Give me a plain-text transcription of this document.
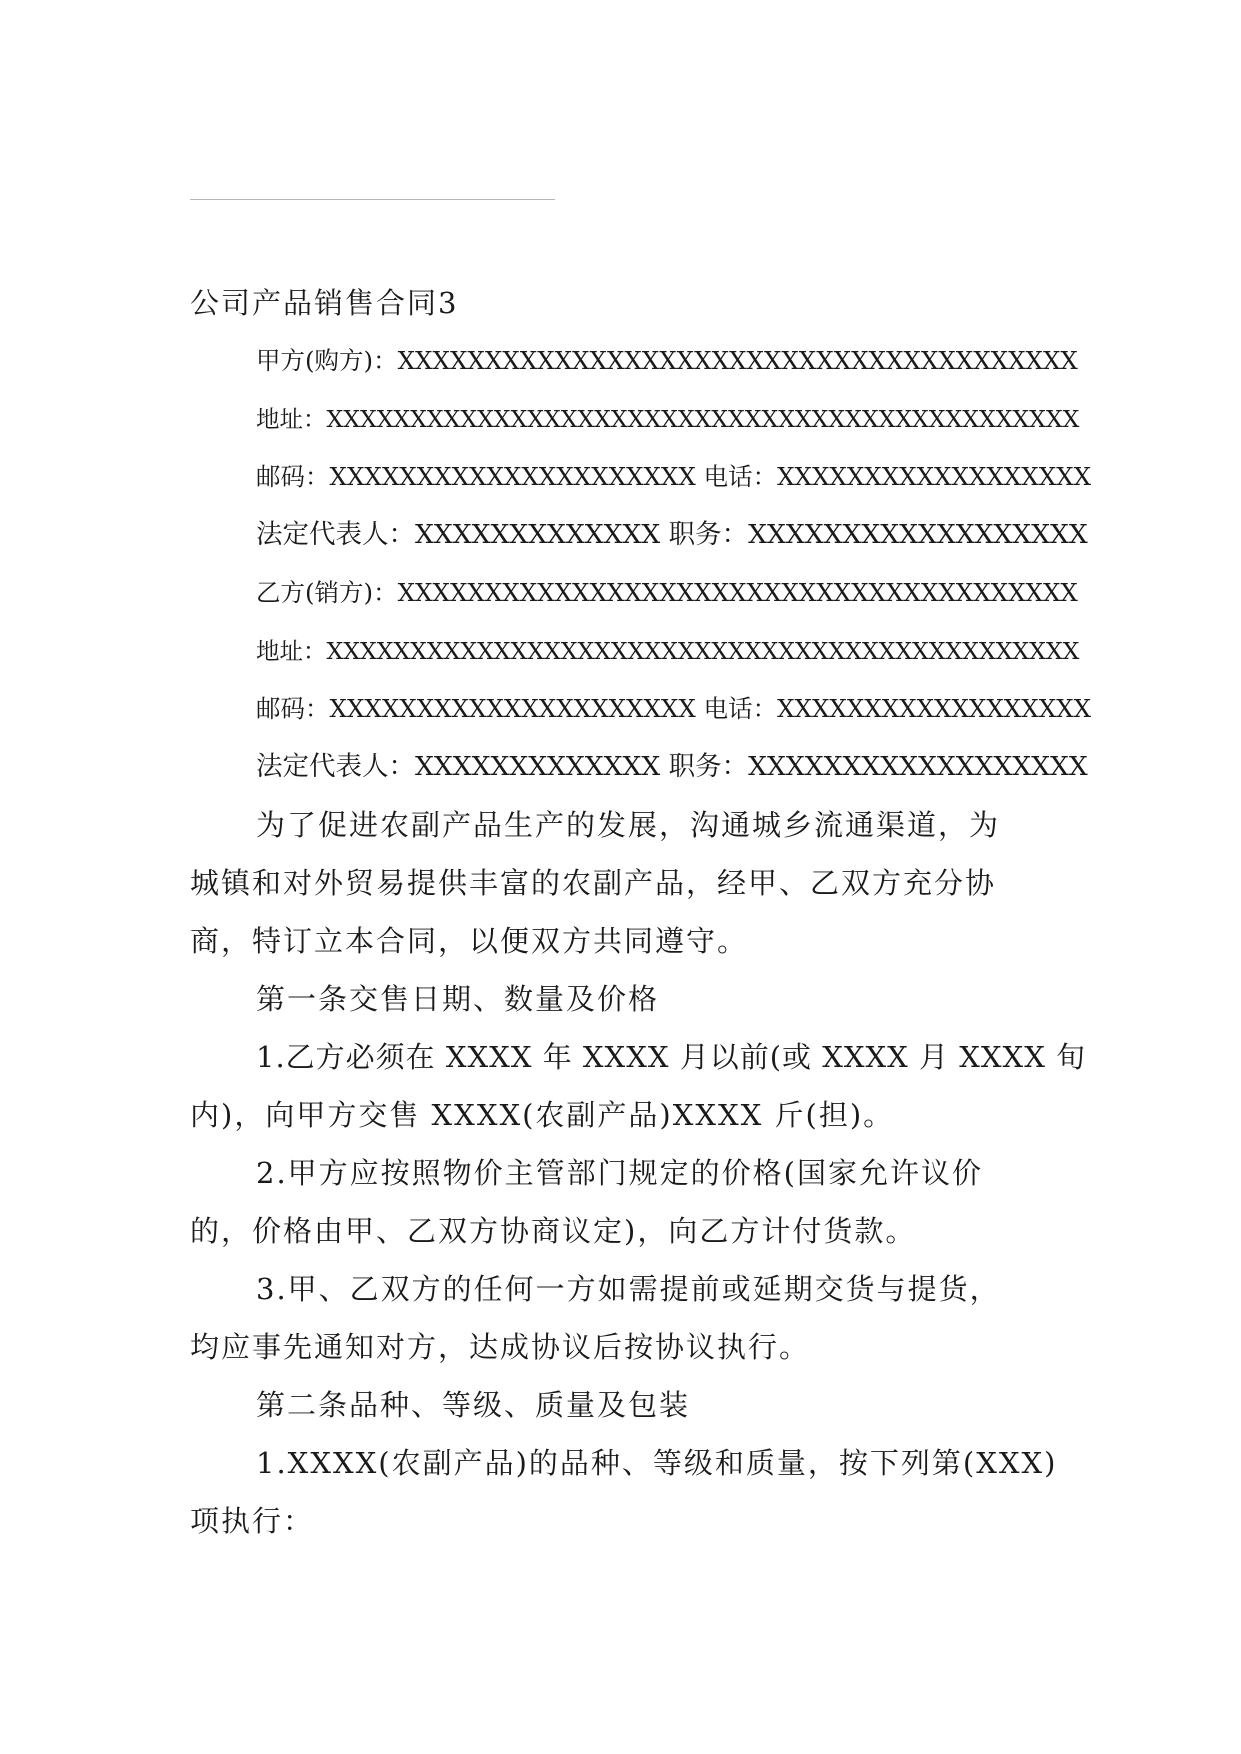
公司产品销售合同3
甲方(购方)：XXXXXXXXXXXXXXXXXXXXXXXXXXXXXXXXXXXXXXX
地址：XXXXXXXXXXXXXXXXXXXXXXXXXXXXXXXXXXXXXXXXXXXXX
邮码：XXXXXXXXXXXXXXXXXXXXX 电话：XXXXXXXXXXXXXXXXXX
法定代表人：XXXXXXXXXXXXX 职务：XXXXXXXXXXXXXXXXXX
乙方(销方)：XXXXXXXXXXXXXXXXXXXXXXXXXXXXXXXXXXXXXXX
地址：XXXXXXXXXXXXXXXXXXXXXXXXXXXXXXXXXXXXXXXXXXXXX
邮码：XXXXXXXXXXXXXXXXXXXXX 电话：XXXXXXXXXXXXXXXXXX
法定代表人：XXXXXXXXXXXXX 职务：XXXXXXXXXXXXXXXXXX
为了促进农副产品生产的发展，沟通城乡流通渠道，为
城镇和对外贸易提供丰富的农副产品，经甲、乙双方充分协
商，特订立本合同，以便双方共同遵守。
第一条交售日期、数量及价格
1.乙方必须在 XXXX 年 XXXX 月以前(或 XXXX 月 XXXX 旬
内)，向甲方交售 XXXX(农副产品)XXXX 斤(担)。
2.甲方应按照物价主管部门规定的价格(国家允许议价
的，价格由甲、乙双方协商议定)，向乙方计付货款。
3.甲、乙双方的任何一方如需提前或延期交货与提货，
均应事先通知对方，达成协议后按协议执行。
第二条品种、等级、质量及包装
1.XXXX(农副产品)的品种、等级和质量，按下列第(XXX)
项执行：
